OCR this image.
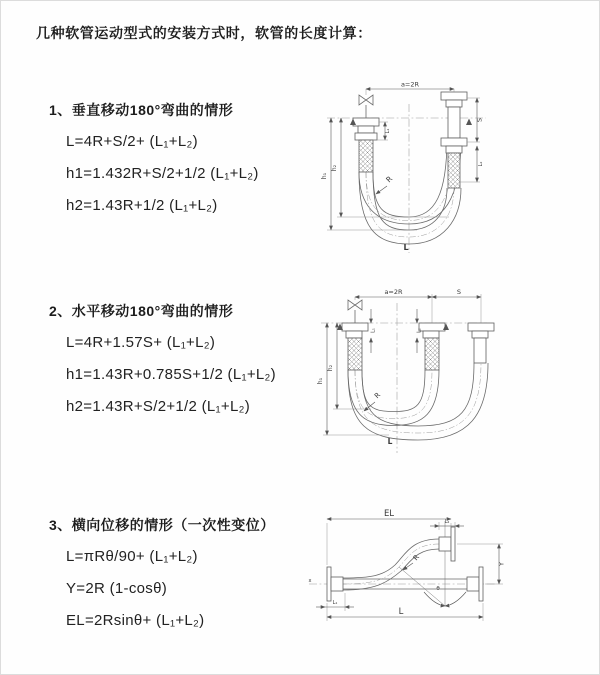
几种软管运动型式的安装方式时，软管的长度计算：
1、垂直移动180°弯曲的情形
L=4R+S/2+ (L₁+L₂)
h1=1.432R+S/2+1/2 (L₁+L₂)
h2=1.43R+1/2 (L₁+L₂)
2、水平移动180°弯曲的情形
L=4R+1.57S+ (L₁+L₂)
h1=1.43R+0.785S+1/2 (L₁+L₂)
h2=1.43R+S/2+1/2 (L₁+L₂)
3、横向位移的情形（一次性变位）
L=πRθ/90+ (L₁+L₂)
Y=2R (1-cosθ)
EL=2Rsinθ+ (L₁+L₂)
a=2R
S
L₂
L₁
h₁
h₂
R
L
a=2R	S
h₁
h₂
L₁	L₂
R
L
x
θ
EL
L₂
Y
L
L₁
R
